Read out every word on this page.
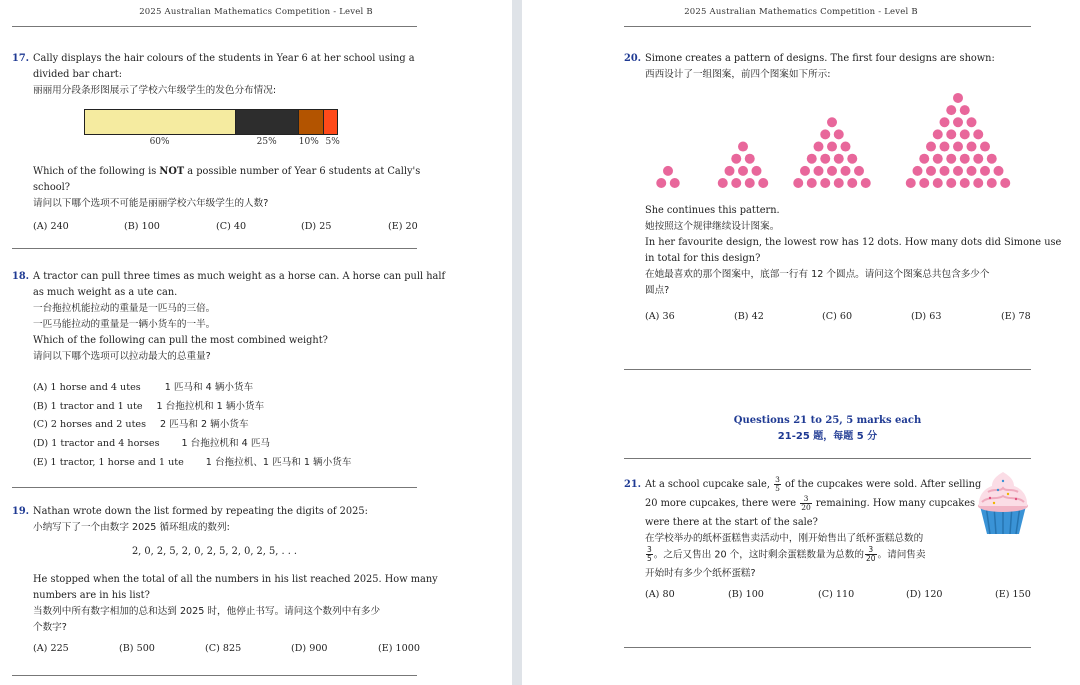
2025 Australian Mathematics Competition - Level B
17. Cally displays the hair colours of the students in Year 6 at her school using a
divided bar chart:
丽丽用分段条形图展示了学校六年级学生的发色分布情况:
60%	25% 10% 5%
Which of the following is NOT a possible number of Year 6 students at Cally's
school?
请问以下哪个选项不可能是丽丽学校六年级学生的人数?
(A) 240	(B) 100	(C) 40	(D) 25	(E) 20
18. A tractor can pull three times as much weight as a horse can. A horse can pull half
as much weight as a ute can.
一台拖拉机能拉动的重量是一匹马的三倍。
一匹马能拉动的重量是一辆小货车的一半。
Which of the following can pull the most combined weight?
请问以下哪个选项可以拉动最大的总重量?
(A) 1 horse and 4 utes	1 匹马和 4 辆小货车
(B) 1 tractor and 1 ute 1 台拖拉机和 1 辆小货车
(C) 2 horses and 2 utes 2 匹马和 2 辆小货车
(D) 1 tractor and 4 horses 1 台拖拉机和 4 匹马
(E) 1 tractor, 1 horse and 1 ute 1 台拖拉机、1 匹马和 1 辆小货车
19. Nathan wrote down the list formed by repeating the digits of 2025:
小纳写下了一个由数字 2025 循环组成的数列:
2, 0, 2, 5, 2, 0, 2, 5, 2, 0, 2, 5, . . .
He stopped when the total of all the numbers in his list reached 2025. How many
numbers are in his list?
当数列中所有数字相加的总和达到 2025 时，他停止书写。请问这个数列中有多少
个数字?
(A) 225	(B) 500	(C) 825	(D) 900	(E) 1000
2025 Australian Mathematics Competition - Level B
20. Simone creates a pattern of designs. The first four designs are shown:
西西设计了一组图案，前四个图案如下所示:
She continues this pattern.
她按照这个规律继续设计图案。
In her favourite design, the lowest row has 12 dots. How many dots did Simone use
in total for this design?
在她最喜欢的那个图案中，底部一行有 12 个圆点。请问这个图案总共包含多少个
圆点?
(A) 36	(B) 42	(C) 60	(D) 63	(E) 78
Questions 21 to 25, 5 marks each
21-25 题，每题 5 分
21. At a school cupcake sale, $\frac{3}{5}$ of the cupcakes were sold. After selling
20 more cupcakes, there were $\frac{3}{20}$ remaining. How many cupcakes
were there at the start of the sale?
在学校举办的纸杯蛋糕售卖活动中，刚开始售出了纸杯蛋糕总数的
$\frac{3}{5}$ 。之后又售出 20 个，这时剩余蛋糕数量为总数的 $\frac{3}{20}$ 。请问售卖
开始时有多少个纸杯蛋糕?
(A) 80	(B) 100	(C) 110	(D) 120	(E) 150
